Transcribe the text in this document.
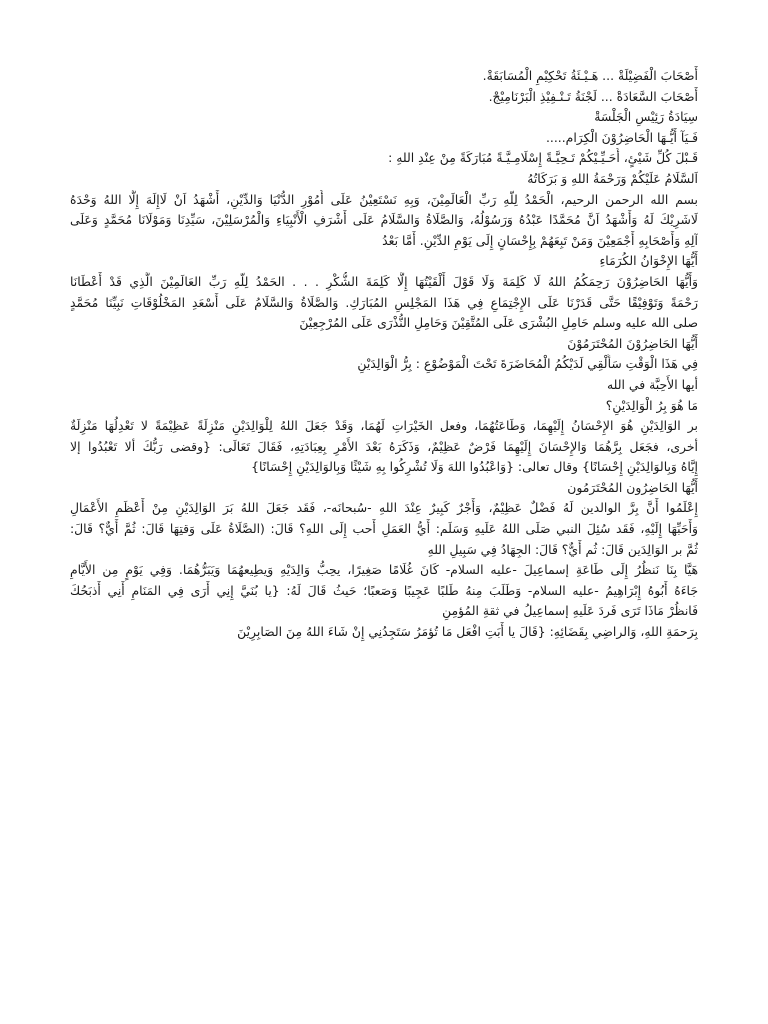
أَصْحَابَ الْفَضِيْلَةْ ... هَـيْـئَةُ تَحْكِيْمِ الْمُسَابَقَةْ.
أَصْحَابَ السَّعَادَةْ ... لَجْنَةُ تَـنْـفِيْذِ الْبَرْنَامِيْجْ.
سِيَادَةُ رَئِيْسِ الْجَلْسَةْ
فَـيَآ أَيُّـهَا الْحَاضِرُوْنَ الْكِرَام.....
قَـبْلَ كُلِّ شَيْئٍ، أُحَـيِّـيْكُمْ تَـحِيَّـةً إِسْلَامِـيَّـةً مُبَارَكَةً مِنْ عِنْدِ اللهِ :
اَلسَّلَامُ عَلَيْكُمْ وَرَحْمَةُ اللهِ وَ بَرَكَاتُهُ
بسم الله الرحمن الرحيم، الْحَمْدُ لِلّهِ رَبِّ الْعَالَمِيْنَ، وَبِهِ نَسْتَعِيْنُ عَلَى أُمُوْرِ الدُّنْيَا وَالدِّيْنِ، أَشْهَدُ اَنْ لَاإِلَهَ إِلَّا اللهُ وَحْدَهُ
لَاشَرِيْكَ لَهُ وَأَشْهَدُ اَنَّ مُحَمَّدًا عَبْدُهُ وَرَسُوْلُهُ، وَالصَّلَاةُ وَالسَّلَامُ عَلَى أَشْرَفِ الْأَنْبِيَاءِ وَالْمُرْسَلِيْنَ، سَيِّدِنَا وَمَوْلَانَا مُحَمَّدٍ وَعَلَى
آلِهِ وَأَصْحَابِهِ أَجْمَعِيْنَ وَمَنْ تَبِعَهُمْ بِإِحْسَانٍ إِلَى يَوْمِ الدِّيْنِ. أَمَّا بَعْدُ
أَيُّهَا الإِخْوَانُ الكُرَمَاءِ
وَأَيُّهَا الحَاضِرُوْنَ رَحِمَكُمُ اللهُ لَا كَلِمَةَ وَلَا قَوْلَ أَلْقَيْتُهَا إِلَّا كَلِمَةَ الشُّكْرِ . . . الحَمْدُ لِلّهِ رَبِّ العَالَمِيْنَ الَّذِي قَدْ أَعْطَانَا
رَحْمَةً وَتَوْفِيْقًا حَتَّى قَدَرْنَا عَلَى الإِجْتِمَاعِ فِي هَذَا المَجْلِسِ المُبَارَكِ. وَالصَّلَاةُ وَالسَّلَامُ عَلَى أَسْعَدِ المَخْلُوْقَاتِ نَبِيِّنَا مُحَمَّدٍ
صلى الله عليه وسلم حَامِلِ البُشْرَى عَلَى المُتَّقِيْنَ وَحَامِلِ النُّذْرَى عَلَى المُرْجِعِيْنَ
أَيُّهَا الحَاضِرُوْنَ المُحْتَرَمُوْنَ
فِي هَذَا الْوَقْتِ سَأُلْقِي لَدَيْكُمُ الْمُحَاضَرَةَ تَحْتَ الْمَوْضُوْعِ : بِرُّ الْوَالِدَيْنِ
أيها الأَحِبَّة في الله
مَا هُوَ بِرُ الْوَالِدَيْنِ؟
بر الوَالِدَيْنِ هُوَ الإِحْسَانُ إِلَيْهِمَا، وَطَاعَتُهُمَا، وفعل الخَيْرَاتِ لَهُمَا، وَقَدْ جَعَلَ اللهُ لِلْوَالِدَيْنِ مَنْزِلَةً عَظِيْمَةً لا تَعْدِلُهَا مَنْزِلَةٌ
أخرى، فجَعَل بِرَّهُمَا وَالإِحْسَانَ إِلَيْهِمَا فَرْضٌ عَظِيْمٌ، وَذَكَرَهُ بَعْدَ الأَمْرِ بِعِبَادَتِهِ، فَقَالَ تَعَالَى: {وقضى رَبُّكَ ألا تَعْبُدُوا إلا
إِيَّاهُ وَبِالوَالِدَيْنِ إِحْسَانًا} وقال تعالى: {وَاعْبُدُوا اللهَ وَلَا تُشْرِكُوا بِهِ شَيْئًا وَبِالوَالِدَيْنِ إِحْسَانًا}
أَيُّهَا الحَاضِرُون المُحْتَرَمُون
إِعْلَمُوا أَنَّ بِرَّ الوالدين لَهُ فَضْلٌ عَظِيْمٌ، وَأَجْرٌ كَبِيرٌ عِنْدَ اللهِ -سُبحانَه-، فَقَد جَعَلَ اللهُ بَرَ الوَالِدَيْنِ مِنْ أَعْظَمِ الأَعْمَالِ
وَأَحَبِّهَا إِلَيْهِ، فَقَد سُئِلَ النبي صَلَى اللهُ عَلَيهِ وَسَلَم: أَيُّ العَمَلِ أَحب إِلَى اللهِ؟ قَالَ: (الصَّلَاةُ عَلَى وَقتِهَا قَالَ: ثُمَّ أَيٌّ؟ قَالَ:
ثُمَّ بر الوَالِدَين قَالَ: ثُم أَيٌّ؟ قَالَ: الجِهَادُ فِي سَبِيلِ اللهِ
هَيَّا بِنَا نَنظُرُ إِلَى طَاعَةِ إسماعِيلَ -عليه السلام- كَانَ غُلَامًا صَغِيرًا، يحِبُّ وَالِدَيْهِ وَيطِيعهُمَا وَيَبَرُّهُمَا. وَفِي يَوْمٍ مِن الأَيَّامِ
جَاءَهُ أَبُوهُ إِبْرَاهِيمُ -عليه السلام- وَطَلَبَ مِنهُ طَلبًا عَجِيبًا وَصَعبًا؛ حَيثُ قَالَ لَهُ: {يا بُنَيَّ إِنِي أَرَى فِي المَنَامِ أَنِي أَذبَحُكَ
فَانظُرْ مَاذَا تَرَى فَردَ عَلَيهِ إسماعِيلُ في ثقةِ المُؤمِنِ
بِرَحمَةِ اللهِ، وَالراضِي بِقَضَائِهِ: {قَالَ يا أَبَتِ افْعَل مَا تُؤمَرُ سَتَجِدُنِي إِنْ شَاءَ اللهُ مِنَ الصَابِرِيْنَ
